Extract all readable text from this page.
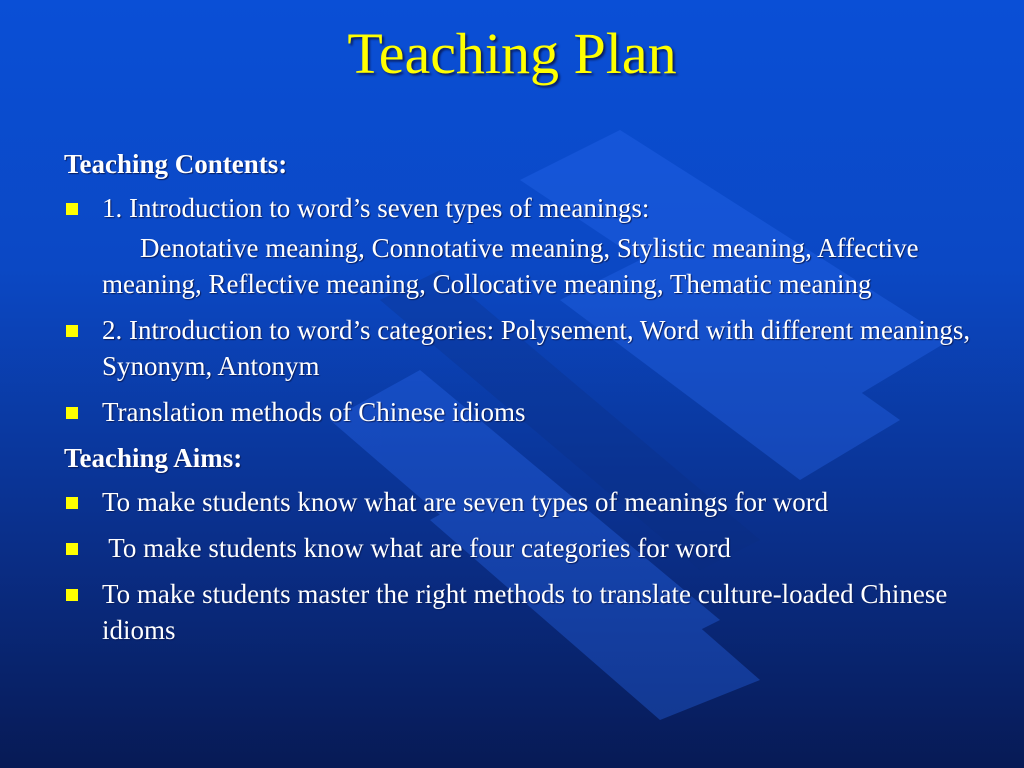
Teaching Plan
Teaching Contents:
1. Introduction to word’s seven types of meanings:
Denotative meaning, Connotative meaning, Stylistic meaning, Affective meaning, Reflective meaning, Collocative meaning, Thematic meaning
2. Introduction to word’s categories: Polysement, Word with different meanings, Synonym, Antonym
Translation methods of Chinese idioms
Teaching Aims:
To make students know what are seven types of meanings for word
To make students know what are four categories for word
To make students master the right methods to translate culture-loaded Chinese idioms
